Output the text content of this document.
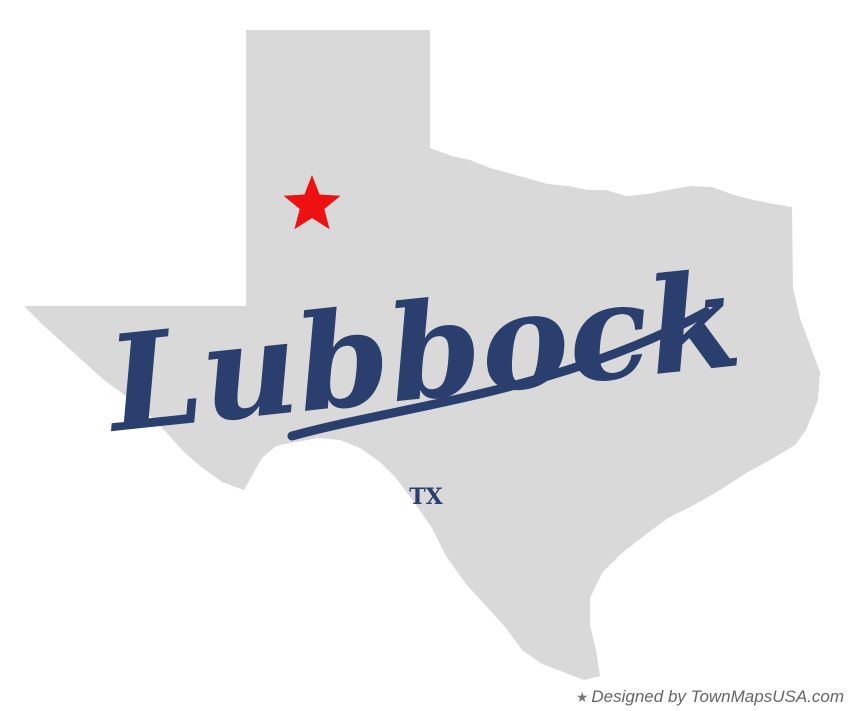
Lubbock
TX
★ Designed by TownMapsUSA.com
